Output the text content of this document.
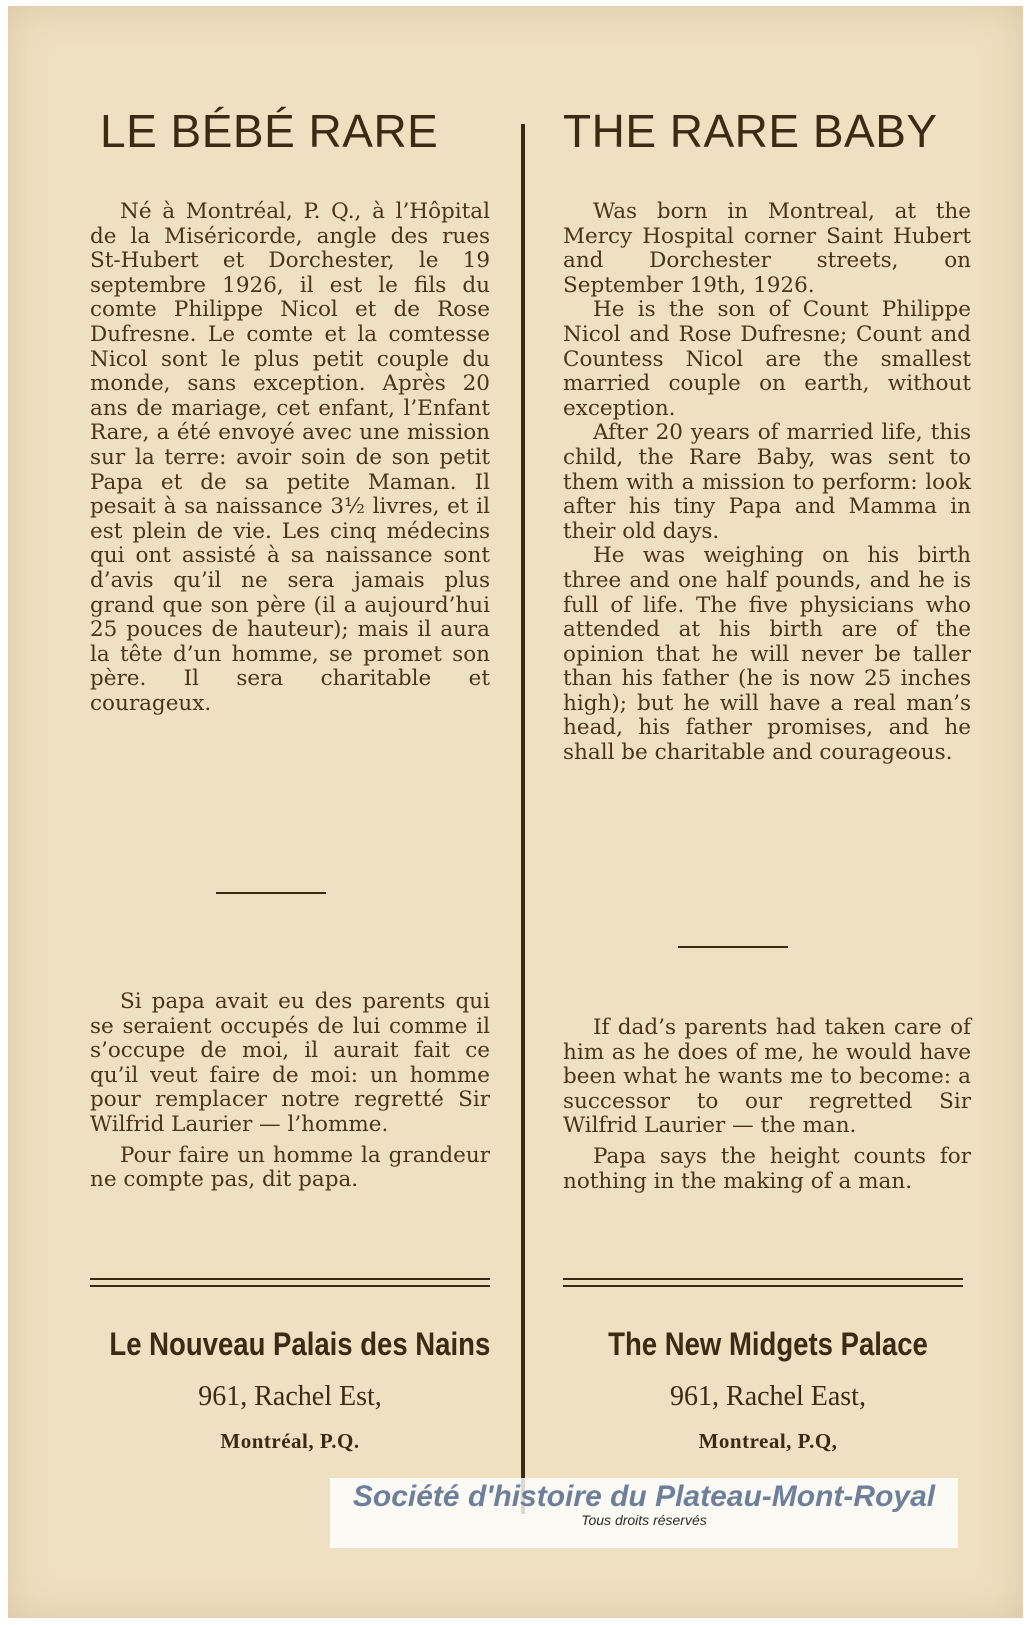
LE BÉBÉ RARE	THE RARE BABY

Né à Montréal, P. Q., à l’Hôpital de la Miséricorde, angle des rues St-Hubert et Dorchester, le 19 septembre 1926, il est le fils du comte Philippe Nicol et de Rose Dufresne. Le comte et la comtesse Nicol sont le plus petit couple du monde, sans exception. Après 20 ans de mariage, cet enfant, l’Enfant Rare, a été envoyé avec une mission sur la terre: avoir soin de son petit Papa et de sa petite Maman. Il pesait à sa naissance 3½ livres, et il est plein de vie. Les cinq médecins qui ont assisté à sa naissance sont d’avis qu’il ne sera jamais plus grand que son père (il a aujourd’hui 25 pouces de hauteur); mais il aura la tête d’un homme, se promet son père. Il sera charitable et courageux.

Si papa avait eu des parents qui se seraient occupés de lui comme il s’occupe de moi, il aurait fait ce qu’il veut faire de moi: un homme pour remplacer notre regretté Sir Wilfrid Laurier — l’homme.

Pour faire un homme la grandeur ne compte pas, dit papa.

Le Nouveau Palais des Nains

961, Rachel Est,

Montréal, P.Q.

Was born in Montreal, at the Mercy Hospital corner Saint Hubert and Dorchester streets, on September 19th, 1926.

He is the son of Count Philippe Nicol and Rose Dufresne; Count and Countess Nicol are the smallest married couple on earth, without exception.

After 20 years of married life, this child, the Rare Baby, was sent to them with a mission to perform: look after his tiny Papa and Mamma in their old days.

He was weighing on his birth three and one half pounds, and he is full of life. The five physicians who attended at his birth are of the opinion that he will never be taller than his father (he is now 25 inches high); but he will have a real man’s head, his father promises, and he shall be charitable and courageous.

If dad’s parents had taken care of him as he does of me, he would have been what he wants me to become: a successor to our regretted Sir Wilfrid Laurier — the man.

Papa says the height counts for nothing in the making of a man.

The New Midgets Palace

961, Rachel East,

Montreal, P.Q,

Société d'histoire du Plateau-Mont-Royal
Tous droits réservés
